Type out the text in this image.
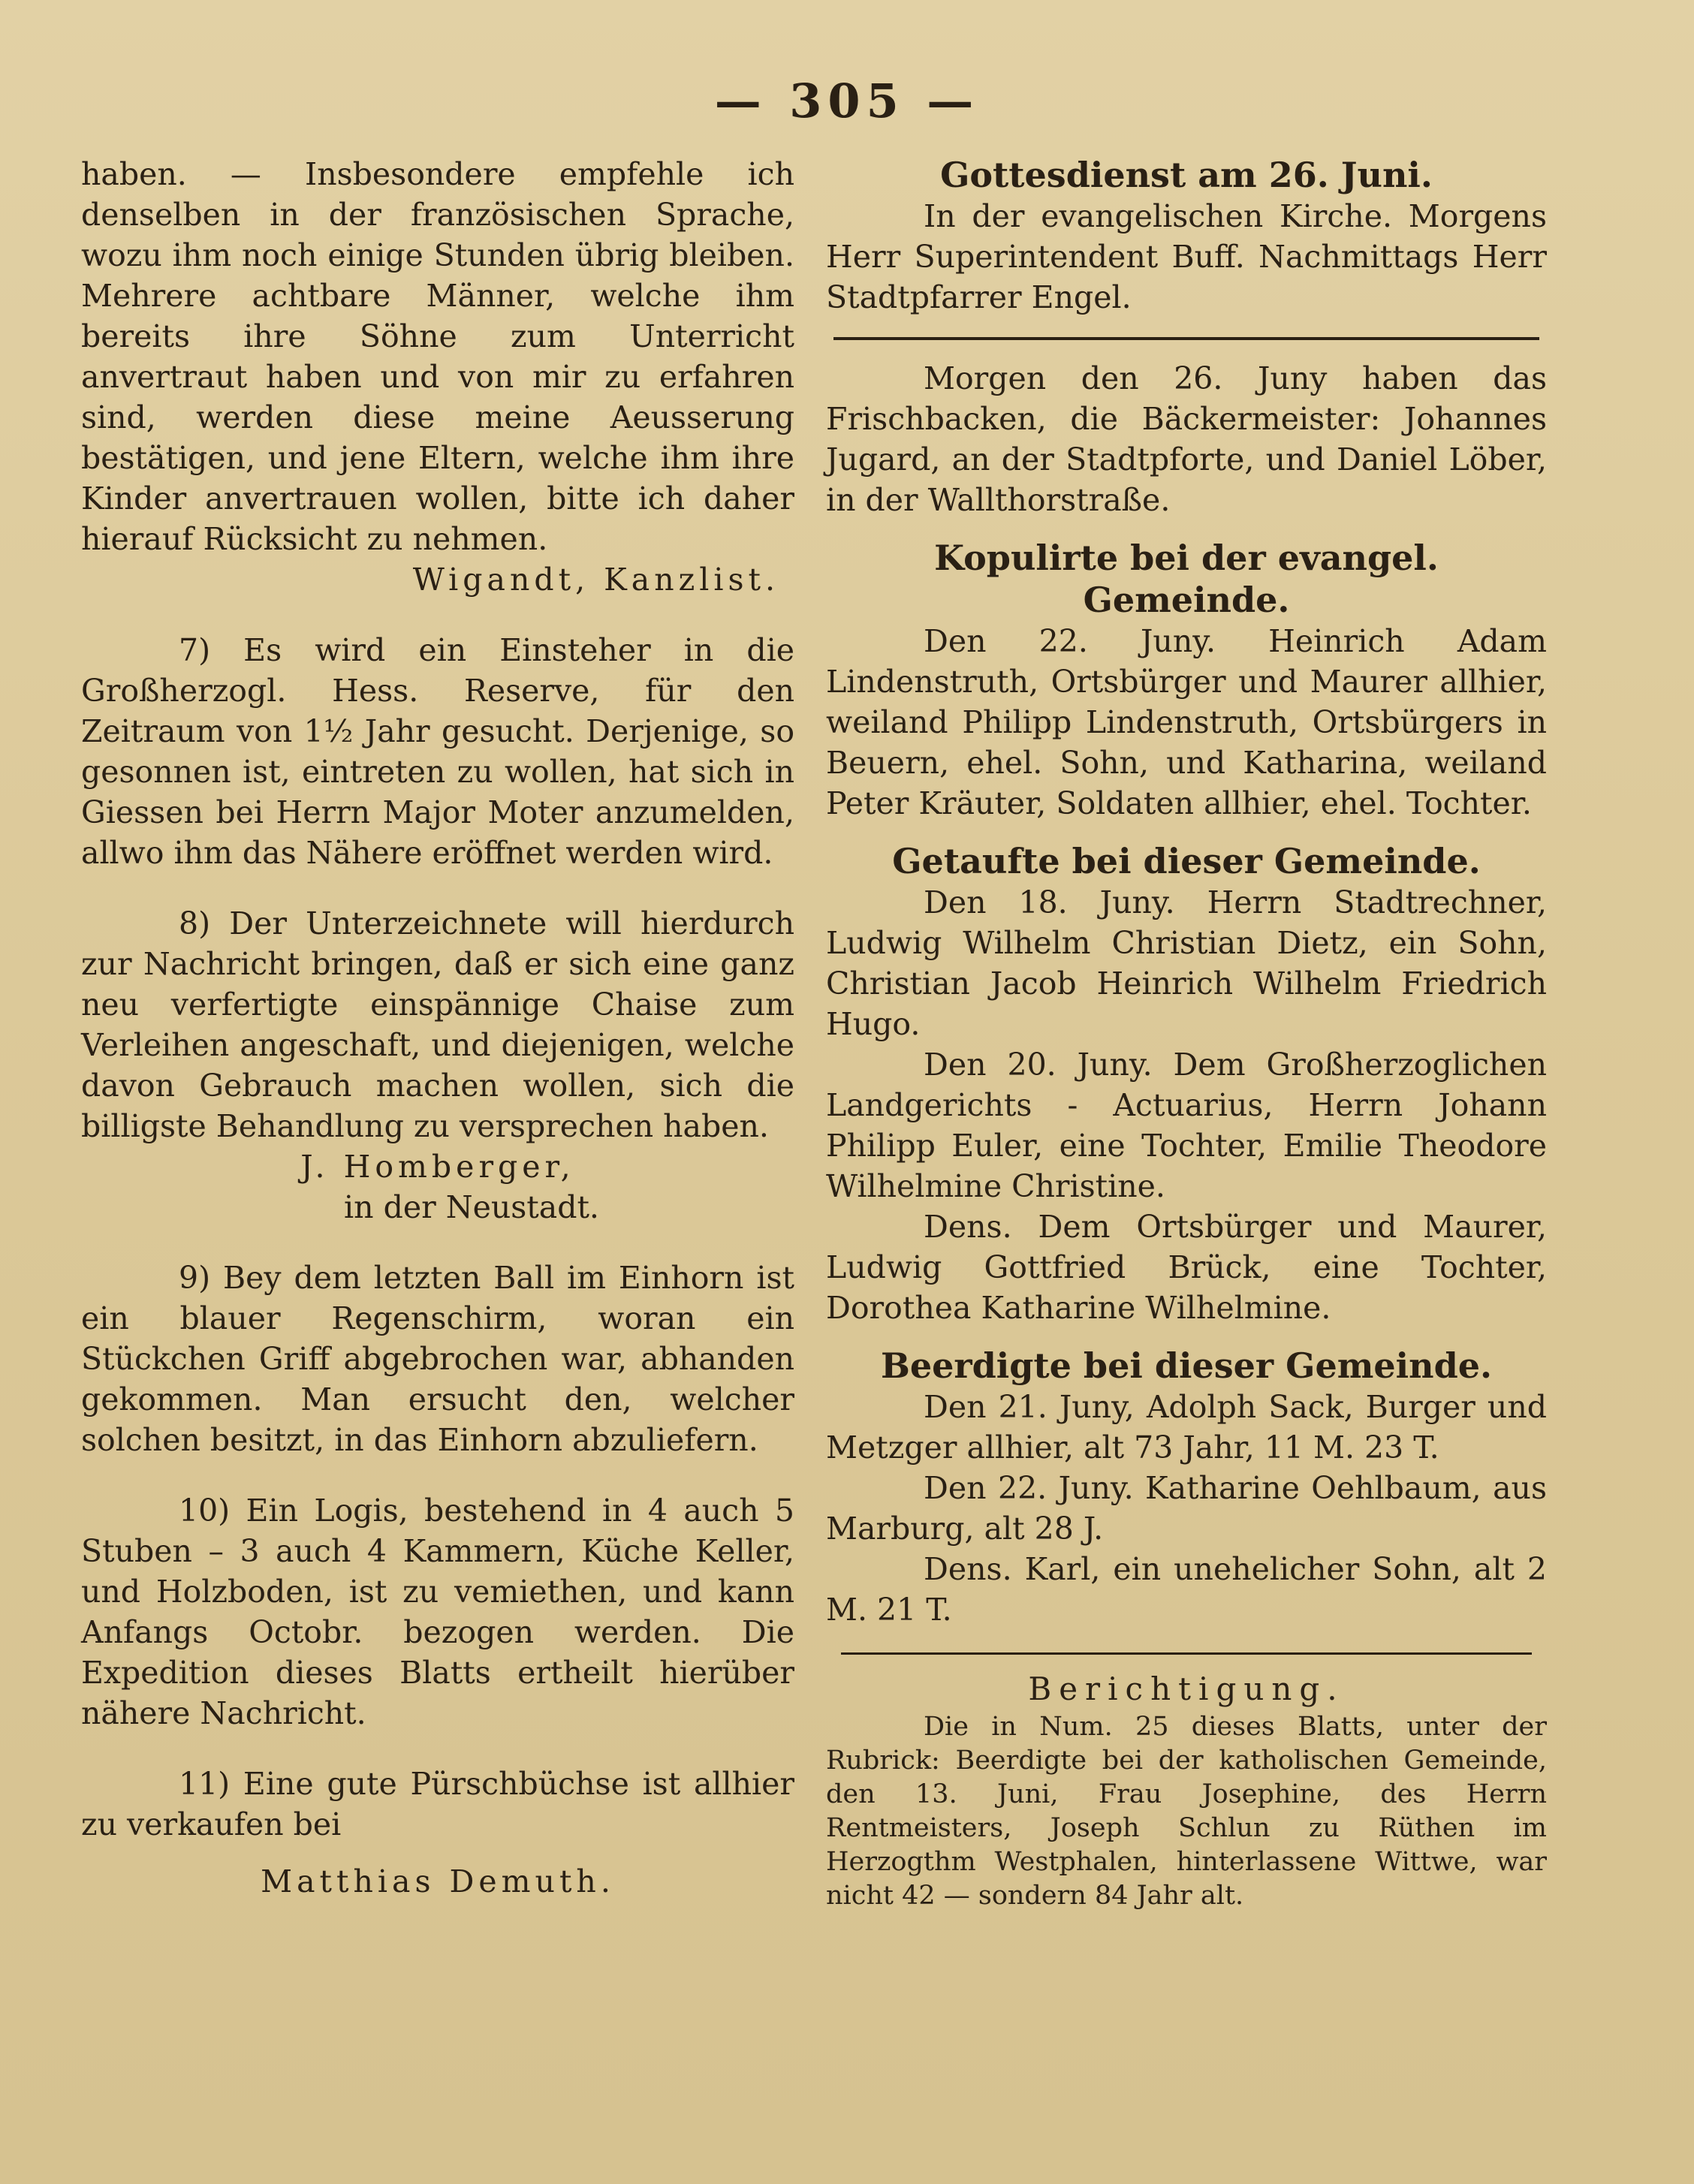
— 305 —

haben. — Insbesondere empfehle ich denselben in der französischen Sprache, wozu ihm noch einige Stunden übrig bleiben. Mehrere achtbare Männer, welche ihm bereits ihre Söhne zum Unterricht anvertraut haben und von mir zu erfahren sind, werden diese meine Aeusserung bestätigen, und jene Eltern, welche ihm ihre Kinder anvertrauen wollen, bitte ich daher hierauf Rücksicht zu nehmen.

Wigandt, Kanzlist.

7) Es wird ein Einsteher in die Großherzogl. Hess. Reserve, für den Zeitraum von 1½ Jahr gesucht. Derjenige, so gesonnen ist, eintreten zu wollen, hat sich in Giessen bei Herrn Major Moter anzumelden, allwo ihm das Nähere eröffnet werden wird.

8) Der Unterzeichnete will hierdurch zur Nachricht bringen, daß er sich eine ganz neu verfertigte einspännige Chaise zum Verleihen angeschaft, und diejenigen, welche davon Gebrauch machen wollen, sich die billigste Behandlung zu versprechen haben.

J. Homberger,
in der Neustadt.

9) Bey dem letzten Ball im Einhorn ist ein blauer Regenschirm, woran ein Stückchen Griff abgebrochen war, abhanden gekommen. Man ersucht den, welcher solchen besitzt, in das Einhorn abzuliefern.

10) Ein Logis, bestehend in 4 auch 5 Stuben – 3 auch 4 Kammern, Küche Keller, und Holzboden, ist zu vemiethen, und kann Anfangs Octobr. bezogen werden. Die Expedition dieses Blatts ertheilt hierüber nähere Nachricht.

11) Eine gute Pürschbüchse ist allhier zu verkaufen bei

Matthias Demuth.
Gottesdienst am 26. Juni.

In der evangelischen Kirche. Morgens Herr Superintendent Buff. Nachmittags Herr Stadtpfarrer Engel.

Morgen den 26. Juny haben das Frischbacken, die Bäckermeister: Johannes Jugard, an der Stadtpforte, und Daniel Löber, in der Wallthorstraße.

Kopulirte bei der evangel. Gemeinde.

Den 22. Juny. Heinrich Adam Lindenstruth, Ortsbürger und Maurer allhier, weiland Philipp Lindenstruth, Ortsbürgers in Beuern, ehel. Sohn, und Katharina, weiland Peter Kräuter, Soldaten allhier, ehel. Tochter.

Getaufte bei dieser Gemeinde.

Den 18. Juny. Herrn Stadtrechner, Ludwig Wilhelm Christian Dietz, ein Sohn, Christian Jacob Heinrich Wilhelm Friedrich Hugo.

Den 20. Juny. Dem Großherzoglichen Landgerichts - Actuarius, Herrn Johann Philipp Euler, eine Tochter, Emilie Theodore Wilhelmine Christine.

Dens. Dem Ortsbürger und Maurer, Ludwig Gottfried Brück, eine Tochter, Dorothea Katharine Wilhelmine.

Beerdigte bei dieser Gemeinde.

Den 21. Juny, Adolph Sack, Burger und Metzger allhier, alt 73 Jahr, 11 M. 23 T.

Den 22. Juny. Katharine Oehlbaum, aus Marburg, alt 28 J.

Dens. Karl, ein unehelicher Sohn, alt 2 M. 21 T.

Berichtigung.

Die in Num. 25 dieses Blatts, unter der Rubrick: Beerdigte bei der katholischen Gemeinde, den 13. Juni, Frau Josephine, des Herrn Rentmeisters, Joseph Schlun zu Rüthen im Herzogthm Westphalen, hinterlassene Wittwe, war nicht 42 — sondern 84 Jahr alt.
